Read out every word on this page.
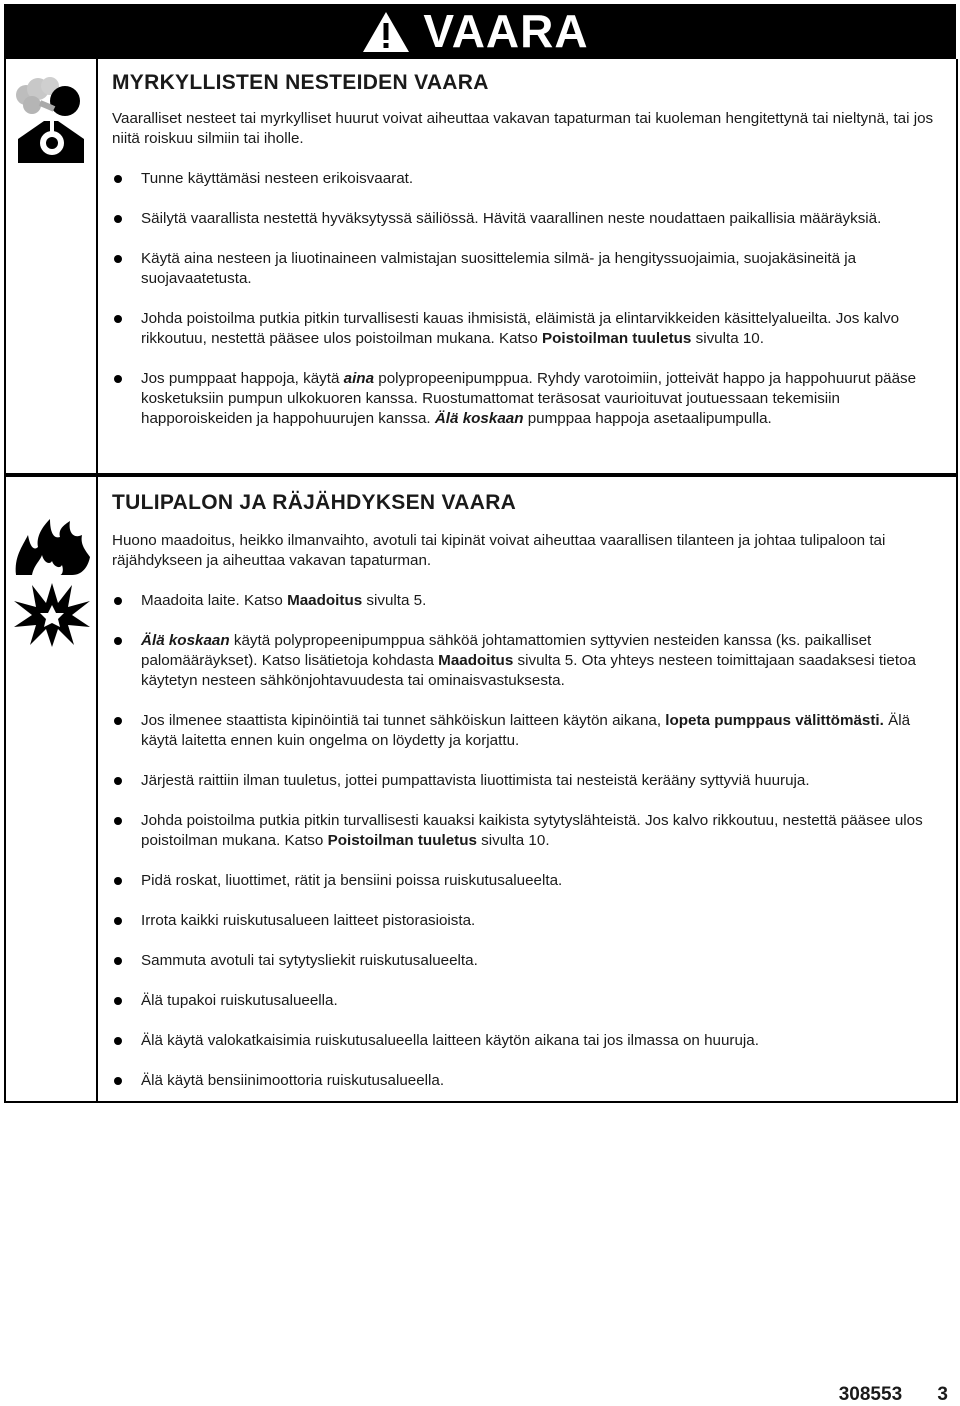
VAARA
MYRKYLLISTEN NESTEIDEN VAARA

Vaaralliset nesteet tai myrkylliset huurut voivat aiheuttaa vakavan tapaturman tai kuoleman hengitettynä tai nieltynä, tai jos niitä roiskuu silmiin tai iholle.

Tunne käyttämäsi nesteen erikoisvaarat.
Säilytä vaarallista nestettä hyväksytyssä säiliössä. Hävitä vaarallinen neste noudattaen paikallisia määräyksiä.
Käytä aina nesteen ja liuotinaineen valmistajan suosittelemia silmä- ja hengityssuojaimia, suojakäsineitä ja suojavaatetusta.
Johda poistoilma putkia pitkin turvallisesti kauas ihmisistä, eläimistä ja elintarvikkeiden käsittelyalueilta. Jos kalvo rikkoutuu, nestettä pääsee ulos poistoilman mukana. Katso Poistoilman tuuletus sivulta 10.
Jos pumppaat happoja, käytä aina polypropeenipumppua. Ryhdy varotoimiin, jotteivät happo ja happohuurut pääse kosketuksiin pumpun ulkokuoren kanssa. Ruostumattomat teräsosat vaurioituvat joutuessaan tekemisiin happoroiskeiden ja happohuurujen kanssa. Älä koskaan pumppaa happoja asetaalipumpulla.
TULIPALON JA RÄJÄHDYKSEN VAARA

Huono maadoitus, heikko ilmanvaihto, avotuli tai kipinät voivat aiheuttaa vaarallisen tilanteen ja johtaa tulipaloon tai räjähdykseen ja aiheuttaa vakavan tapaturman.

Maadoita laite. Katso Maadoitus sivulta 5.
Älä koskaan käytä polypropeenipumppua sähköä johtamattomien syttyvien nesteiden kanssa (ks. paikalliset palomääräykset). Katso lisätietoja kohdasta Maadoitus sivulta 5. Ota yhteys nesteen toimittajaan saadaksesi tietoa käytetyn nesteen sähkönjohtavuudesta tai ominaisvastuksesta.
Jos ilmenee staattista kipinöintiä tai tunnet sähköiskun laitteen käytön aikana, lopeta pumppaus välittömästi. Älä käytä laitetta ennen kuin ongelma on löydetty ja korjattu.
Järjestä raittiin ilman tuuletus, jottei pumpattavista liuottimista tai nesteistä kerääny syttyviä huuruja.
Johda poistoilma putkia pitkin turvallisesti kauaksi kaikista sytytyslähteistä. Jos kalvo rikkoutuu, nestettä pääsee ulos poistoilman mukana. Katso Poistoilman tuuletus sivulta 10.
Pidä roskat, liuottimet, rätit ja bensiini poissa ruiskutusalueelta.
Irrota kaikki ruiskutusalueen laitteet pistorasioista.
Sammuta avotuli tai sytytysliekit ruiskutusalueelta.
Älä tupakoi ruiskutusalueella.
Älä käytä valokatkaisimia ruiskutusalueella laitteen käytön aikana tai jos ilmassa on huuruja.
Älä käytä bensiinimoottoria ruiskutusalueella.
308553 3
